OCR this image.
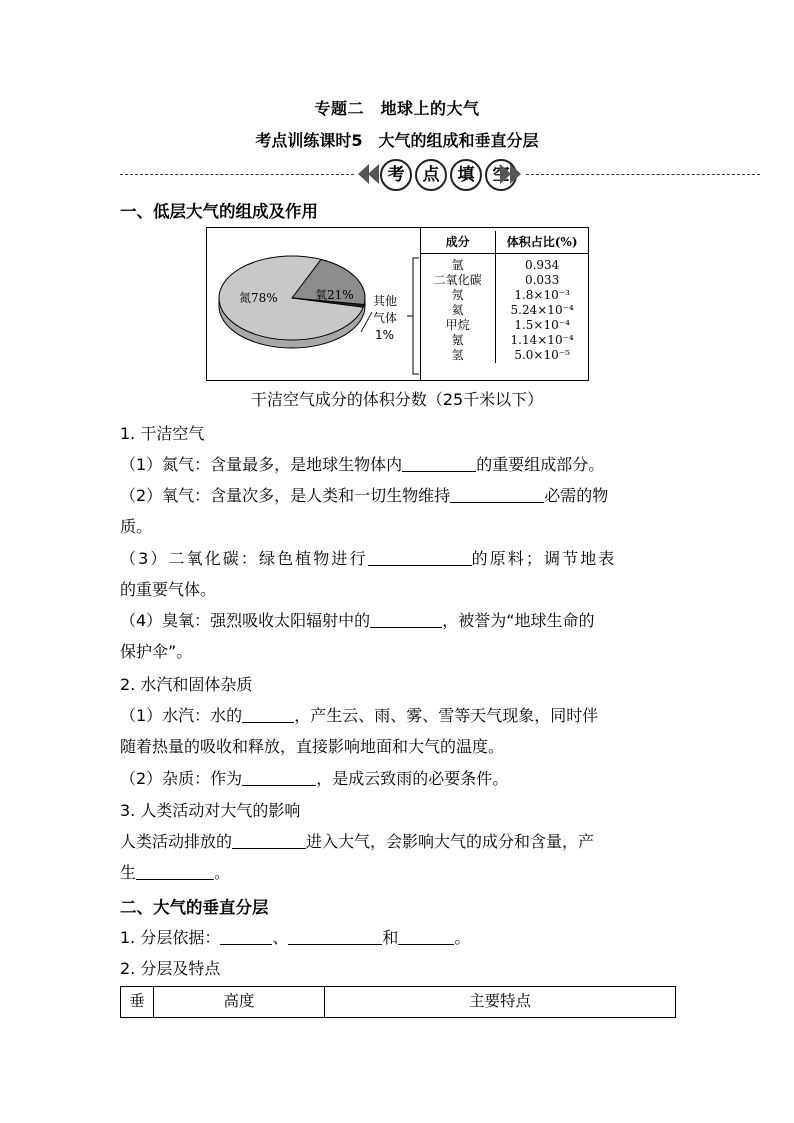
专题二　地球上的大气
考点训练课时5　大气的组成和垂直分层
考	点	填	空
一、低层大气的组成及作用
氮78%	氧21% 其他
气体
1%
成分	体积占比(%)

氩	0.934
二氧化碳	0.033
氖	1.8×10⁻³
氦	5.24×10⁻⁴
甲烷	1.5×10⁻⁴
氪	1.14×10⁻⁴
氢	5.0×10⁻⁵
干洁空气成分的体积分数（25千米以下）
1. 干洁空气
（1）氮气：含量最多，是地球生物体内	的重要组成部分。
（2）氧气：含量次多，是人类和一切生物维持	必需的物
质。
（3）二氧化碳：绿色植物进行	的原料；调节地表
的重要气体。
（4）臭氧：强烈吸收太阳辐射中的	，被誉为“地球生命的
保护伞”。
2. 水汽和固体杂质
（1）水汽：水的	，产生云、雨、雾、雪等天气现象，同时伴
随着热量的吸收和释放，直接影响地面和大气的温度。
（2）杂质：作为	，是成云致雨的必要条件。
3. 人类活动对大气的影响
人类活动排放的	进入大气，会影响大气的成分和含量，产
生	。
二、大气的垂直分层
1. 分层依据：	、	和	。
2. 分层及特点
垂	高度	主要特点
